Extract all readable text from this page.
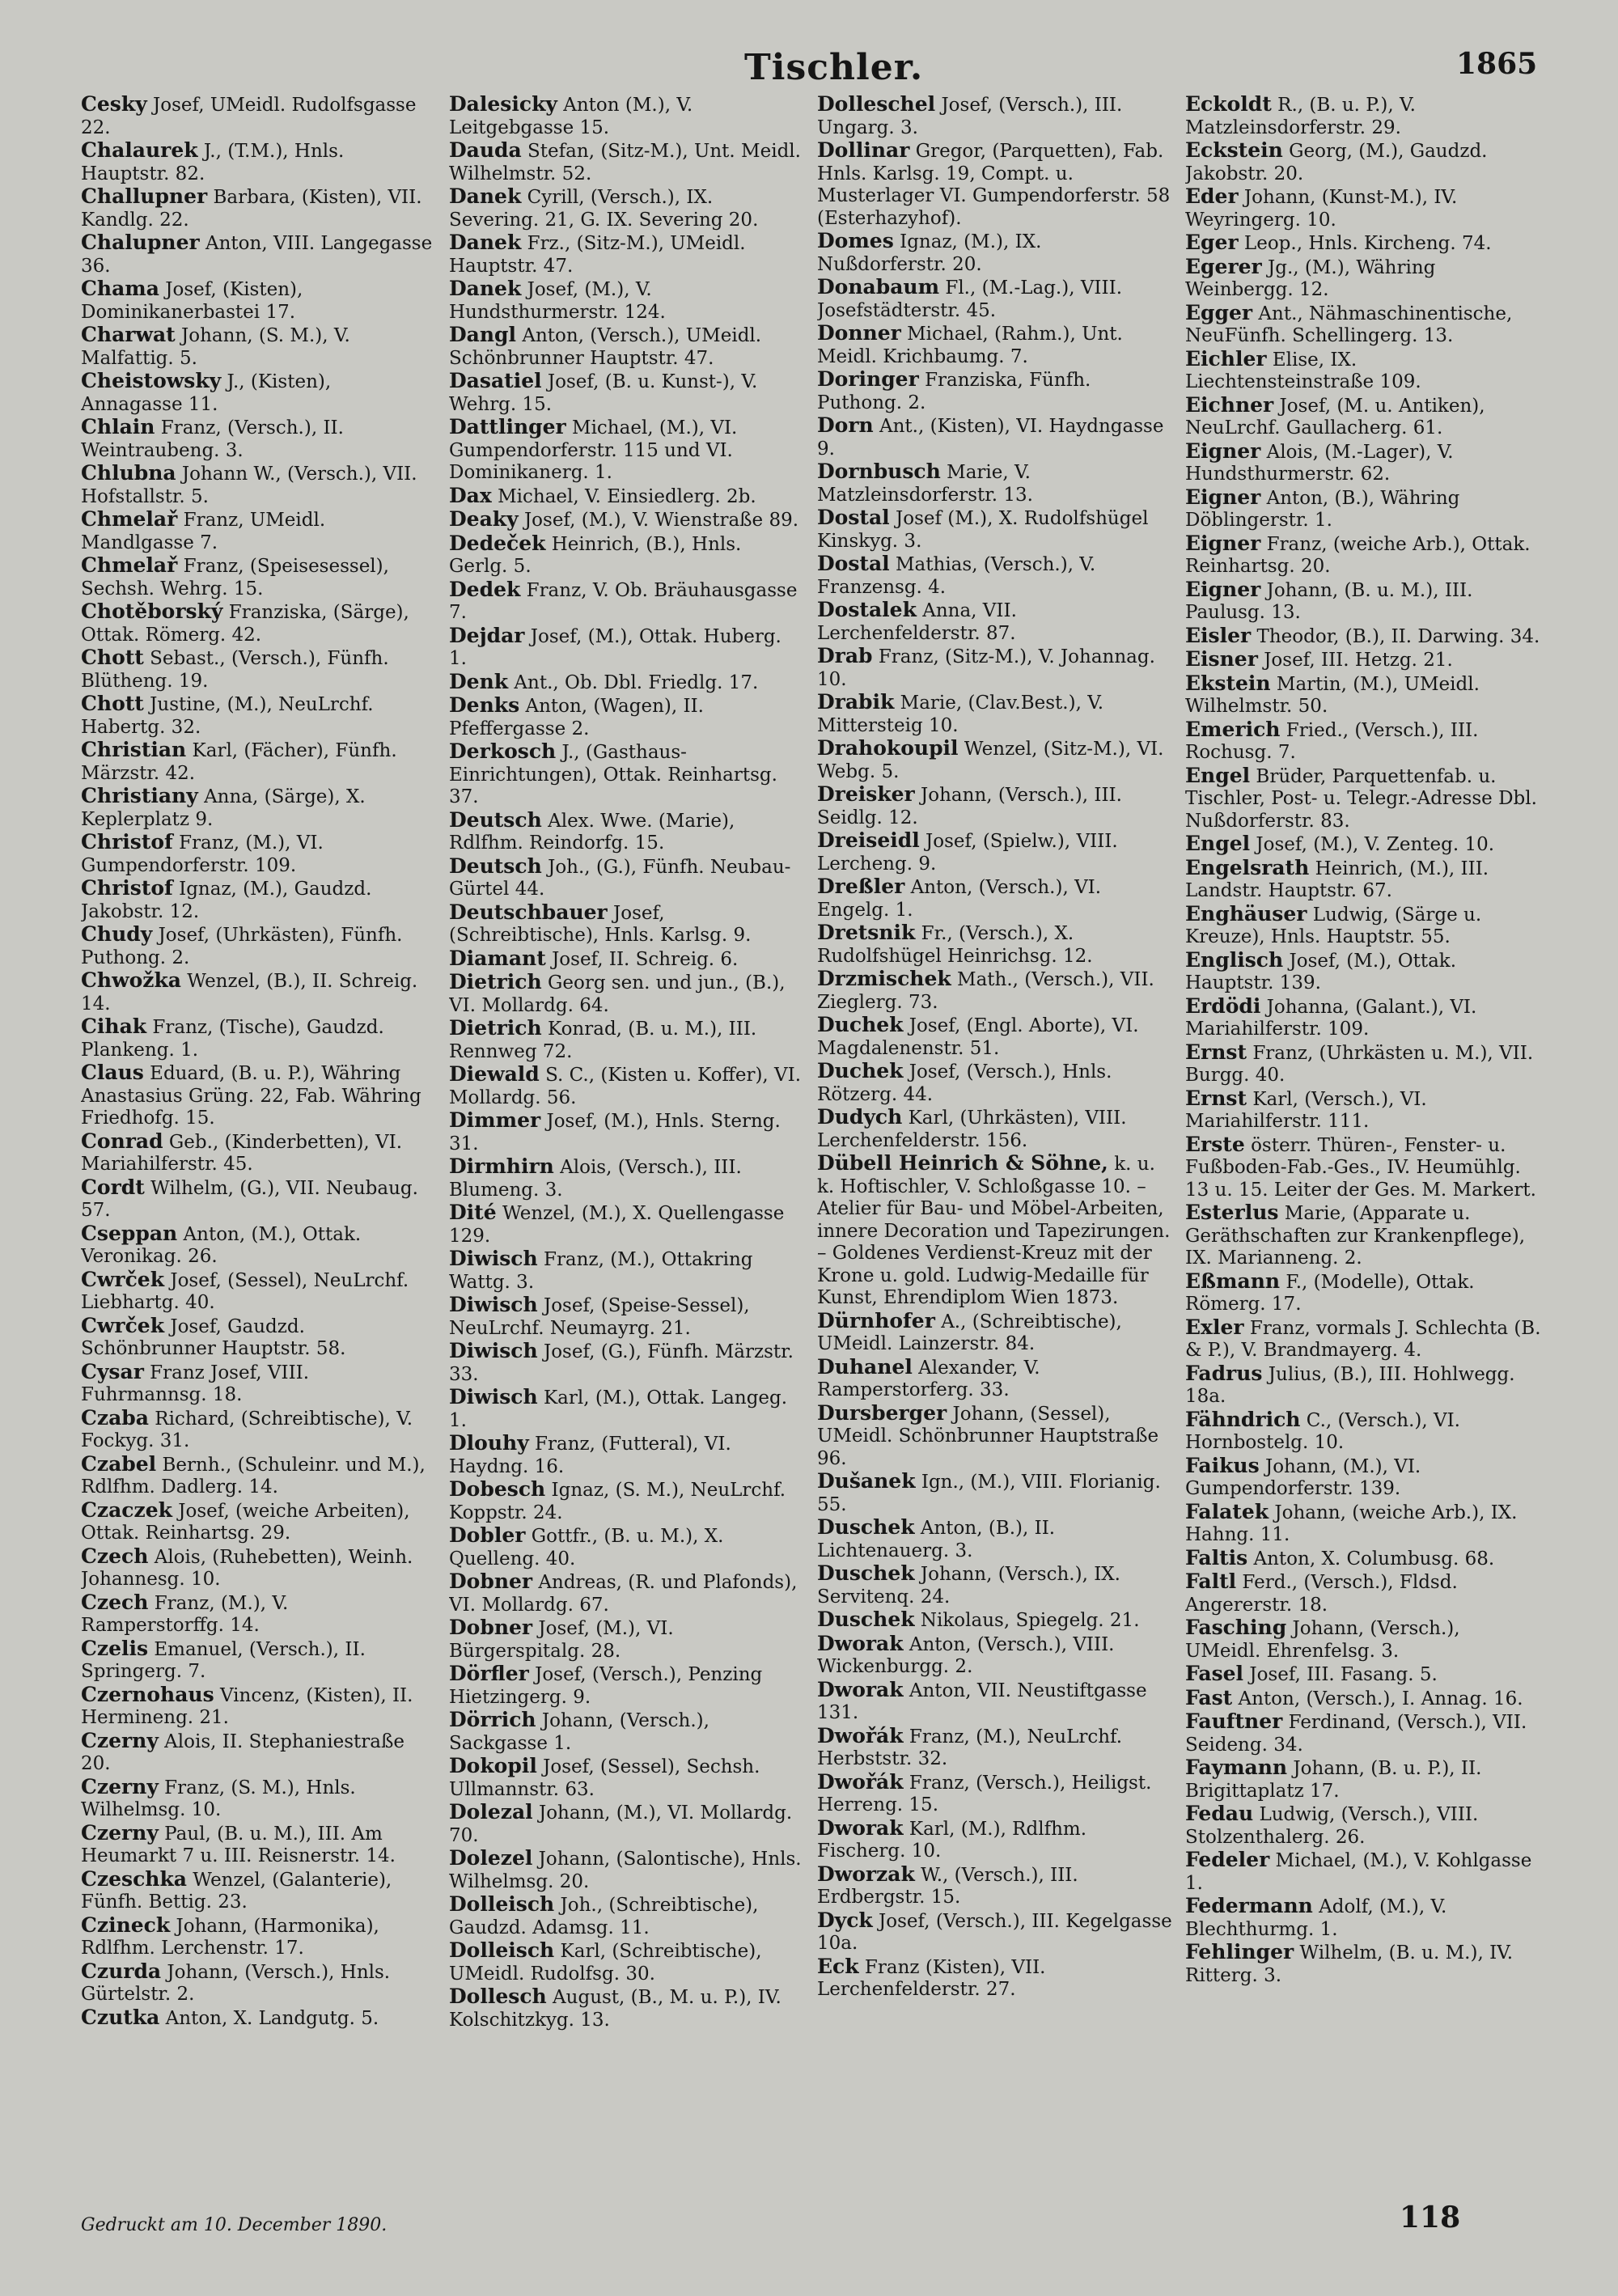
Tischler.	1865

Cesky Josef, UMeidl. Rudolfsgasse 22.

Chalaurek J., (T.M.), Hnls. Hauptstr. 82.

Challupner Barbara, (Kisten), VII. Kandlg. 22.

Chalupner Anton, VIII. Langegasse 36.

Chama Josef, (Kisten), Dominikanerbastei 17.

Charwat Johann, (S. M.), V. Malfattig. 5.

Cheistowsky J., (Kisten), Annagasse 11.

Chlain Franz, (Versch.), II. Weintraubeng. 3.

Chlubna Johann W., (Versch.), VII. Hofstallstr. 5.

Chmelař Franz, UMeidl. Mandlgasse 7.

Chmelař Franz, (Speisesessel), Sechsh. Wehrg. 15.

Chotěborský Franziska, (Särge), Ottak. Römerg. 42.

Chott Sebast., (Versch.), Fünfh. Blütheng. 19.

Chott Justine, (M.), NeuLrchf. Habertg. 32.

Christian Karl, (Fächer), Fünfh. Märzstr. 42.

Christiany Anna, (Särge), X. Keplerplatz 9.

Christof Franz, (M.), VI. Gumpendorferstr. 109.

Christof Ignaz, (M.), Gaudzd. Jakobstr. 12.

Chudy Josef, (Uhrkästen), Fünfh. Puthong. 2.

Chwožka Wenzel, (B.), II. Schreig. 14.

Cihak Franz, (Tische), Gaudzd. Plankeng. 1.

Claus Eduard, (B. u. P.), Währing Anastasius Grüng. 22, Fab. Währing Friedhofg. 15.

Conrad Geb., (Kinderbetten), VI. Mariahilferstr. 45.

Cordt Wilhelm, (G.), VII. Neubaug. 57.

Cseppan Anton, (M.), Ottak. Veronikag. 26.

Cwrček Josef, (Sessel), NeuLrchf. Liebhartg. 40.

Cwrček Josef, Gaudzd. Schönbrunner Hauptstr. 58.

Cysar Franz Josef, VIII. Fuhrmannsg. 18.

Czaba Richard, (Schreibtische), V. Fockyg. 31.

Czabel Bernh., (Schuleinr. und M.), Rdlfhm. Dadlerg. 14.

Czaczek Josef, (weiche Arbeiten), Ottak. Reinhartsg. 29.

Czech Alois, (Ruhebetten), Weinh. Johannesg. 10.

Czech Franz, (M.), V. Ramperstorffg. 14.

Czelis Emanuel, (Versch.), II. Springerg. 7.

Czernohaus Vincenz, (Kisten), II. Hermineng. 21.

Czerny Alois, II. Stephaniestraße 20.

Czerny Franz, (S. M.), Hnls. Wilhelmsg. 10.

Czerny Paul, (B. u. M.), III. Am Heumarkt 7 u. III. Reisnerstr. 14.

Czeschka Wenzel, (Galanterie), Fünfh. Bettig. 23.

Czineck Johann, (Harmonika), Rdlfhm. Lerchenstr. 17.

Czurda Johann, (Versch.), Hnls. Gürtelstr. 2.

Czutka Anton, X. Landgutg. 5.

Dalesicky Anton (M.), V. Leitgebgasse 15.

Dauda Stefan, (Sitz-M.), Unt. Meidl. Wilhelmstr. 52.

Danek Cyrill, (Versch.), IX. Severing. 21, G. IX. Severing 20.

Danek Frz., (Sitz-M.), UMeidl. Hauptstr. 47.

Danek Josef, (M.), V. Hundsthurmerstr. 124.

Dangl Anton, (Versch.), UMeidl. Schönbrunner Hauptstr. 47.

Dasatiel Josef, (B. u. Kunst-), V. Wehrg. 15.

Dattlinger Michael, (M.), VI. Gumpendorferstr. 115 und VI. Dominikanerg. 1.

Dax Michael, V. Einsiedlerg. 2b.

Deaky Josef, (M.), V. Wienstraße 89.

Dedeček Heinrich, (B.), Hnls. Gerlg. 5.

Dedek Franz, V. Ob. Bräuhausgasse 7.

Dejdar Josef, (M.), Ottak. Huberg. 1.

Denk Ant., Ob. Dbl. Friedlg. 17.

Denks Anton, (Wagen), II. Pfeffergasse 2.

Derkosch J., (Gasthaus-Einrichtungen), Ottak. Reinhartsg. 37.

Deutsch Alex. Wwe. (Marie), Rdlfhm. Reindorfg. 15.

Deutsch Joh., (G.), Fünfh. Neubau-Gürtel 44.

Deutschbauer Josef, (Schreibtische), Hnls. Karlsg. 9.

Diamant Josef, II. Schreig. 6.

Dietrich Georg sen. und jun., (B.), VI. Mollardg. 64.

Dietrich Konrad, (B. u. M.), III. Rennweg 72.

Diewald S. C., (Kisten u. Koffer), VI. Mollardg. 56.

Dimmer Josef, (M.), Hnls. Sterng. 31.

Dirmhirn Alois, (Versch.), III. Blumeng. 3.

Dité Wenzel, (M.), X. Quellengasse 129.

Diwisch Franz, (M.), Ottakring Wattg. 3.

Diwisch Josef, (Speise-Sessel), NeuLrchf. Neumayrg. 21.

Diwisch Josef, (G.), Fünfh. Märzstr. 33.

Diwisch Karl, (M.), Ottak. Langeg. 1.

Dlouhy Franz, (Futteral), VI. Haydng. 16.

Dobesch Ignaz, (S. M.), NeuLrchf. Koppstr. 24.

Dobler Gottfr., (B. u. M.), X. Quelleng. 40.

Dobner Andreas, (R. und Plafonds), VI. Mollardg. 67.

Dobner Josef, (M.), VI. Bürgerspitalg. 28.

Dörfler Josef, (Versch.), Penzing Hietzingerg. 9.

Dörrich Johann, (Versch.), Sackgasse 1.

Dokopil Josef, (Sessel), Sechsh. Ullmannstr. 63.

Dolezal Johann, (M.), VI. Mollardg. 70.

Dolezel Johann, (Salontische), Hnls. Wilhelmsg. 20.

Dolleisch Joh., (Schreibtische), Gaudzd. Adamsg. 11.

Dolleisch Karl, (Schreibtische), UMeidl. Rudolfsg. 30.

Dollesch August, (B., M. u. P.), IV. Kolschitzkyg. 13.

Dolleschel Josef, (Versch.), III. Ungarg. 3.

Dollinar Gregor, (Parquetten), Fab. Hnls. Karlsg. 19, Compt. u. Musterlager VI. Gumpendorferstr. 58 (Esterhazyhof).

Domes Ignaz, (M.), IX. Nußdorferstr. 20.

Donabaum Fl., (M.-Lag.), VIII. Josefstädterstr. 45.

Donner Michael, (Rahm.), Unt. Meidl. Krichbaumg. 7.

Doringer Franziska, Fünfh. Puthong. 2.

Dorn Ant., (Kisten), VI. Haydngasse 9.

Dornbusch Marie, V. Matzleinsdorferstr. 13.

Dostal Josef (M.), X. Rudolfshügel Kinskyg. 3.

Dostal Mathias, (Versch.), V. Franzensg. 4.

Dostalek Anna, VII. Lerchenfelderstr. 87.

Drab Franz, (Sitz-M.), V. Johannag. 10.

Drabik Marie, (Clav.Best.), V. Mittersteig 10.

Drahokoupil Wenzel, (Sitz-M.), VI. Webg. 5.

Dreisker Johann, (Versch.), III. Seidlg. 12.

Dreiseidl Josef, (Spielw.), VIII. Lercheng. 9.

Dreßler Anton, (Versch.), VI. Engelg. 1.

Dretsnik Fr., (Versch.), X. Rudolfshügel Heinrichsg. 12.

Drzmischek Math., (Versch.), VII. Zieglerg. 73.

Duchek Josef, (Engl. Aborte), VI. Magdalenenstr. 51.

Duchek Josef, (Versch.), Hnls. Rötzerg. 44.

Dudych Karl, (Uhrkästen), VIII. Lerchenfelderstr. 156.

Dübell Heinrich & Söhne, k. u. k. Hoftischler, V. Schloßgasse 10. – Atelier für Bau- und Möbel-Arbeiten, innere Decoration und Tapezirungen. – Goldenes Verdienst-Kreuz mit der Krone u. gold. Ludwig-Medaille für Kunst, Ehrendiplom Wien 1873.

Dürnhofer A., (Schreibtische), UMeidl. Lainzerstr. 84.

Duhanel Alexander, V. Ramperstorferg. 33.

Dursberger Johann, (Sessel), UMeidl. Schönbrunner Hauptstraße 96.

Dušanek Ign., (M.), VIII. Florianig. 55.

Duschek Anton, (B.), II. Lichtenauerg. 3.

Duschek Johann, (Versch.), IX. Servitenq. 24.

Duschek Nikolaus, Spiegelg. 21.

Dworak Anton, (Versch.), VIII. Wickenburgg. 2.

Dworak Anton, VII. Neustiftgasse 131.

Dwořák Franz, (M.), NeuLrchf. Herbststr. 32.

Dwořák Franz, (Versch.), Heiligst. Herreng. 15.

Dworak Karl, (M.), Rdlfhm. Fischerg. 10.

Dworzak W., (Versch.), III. Erdbergstr. 15.

Dyck Josef, (Versch.), III. Kegelgasse 10a.

Eck Franz (Kisten), VII. Lerchenfelderstr. 27.

Eckoldt R., (B. u. P.), V. Matzleinsdorferstr. 29.

Eckstein Georg, (M.), Gaudzd. Jakobstr. 20.

Eder Johann, (Kunst-M.), IV. Weyringerg. 10.

Eger Leop., Hnls. Kircheng. 74.

Egerer Jg., (M.), Währing Weinbergg. 12.

Egger Ant., Nähmaschinentische, NeuFünfh. Schellingerg. 13.

Eichler Elise, IX. Liechtensteinstraße 109.

Eichner Josef, (M. u. Antiken), NeuLrchf. Gaullacherg. 61.

Eigner Alois, (M.-Lager), V. Hundsthurmerstr. 62.

Eigner Anton, (B.), Währing Döblingerstr. 1.

Eigner Franz, (weiche Arb.), Ottak. Reinhartsg. 20.

Eigner Johann, (B. u. M.), III. Paulusg. 13.

Eisler Theodor, (B.), II. Darwing. 34.

Eisner Josef, III. Hetzg. 21.

Ekstein Martin, (M.), UMeidl. Wilhelmstr. 50.

Emerich Fried., (Versch.), III. Rochusg. 7.

Engel Brüder, Parquettenfab. u. Tischler, Post- u. Telegr.-Adresse Dbl. Nußdorferstr. 83.

Engel Josef, (M.), V. Zenteg. 10.

Engelsrath Heinrich, (M.), III. Landstr. Hauptstr. 67.

Enghäuser Ludwig, (Särge u. Kreuze), Hnls. Hauptstr. 55.

Englisch Josef, (M.), Ottak. Hauptstr. 139.

Erdödi Johanna, (Galant.), VI. Mariahilferstr. 109.

Ernst Franz, (Uhrkästen u. M.), VII. Burgg. 40.

Ernst Karl, (Versch.), VI. Mariahilferstr. 111.

Erste österr. Thüren-, Fenster- u. Fußboden-Fab.-Ges., IV. Heumühlg. 13 u. 15. Leiter der Ges. M. Markert.

Esterlus Marie, (Apparate u. Geräthschaften zur Krankenpflege), IX. Marianneng. 2.

Eßmann F., (Modelle), Ottak. Römerg. 17.

Exler Franz, vormals J. Schlechta (B. & P.), V. Brandmayerg. 4.

Fadrus Julius, (B.), III. Hohlwegg. 18a.

Fähndrich C., (Versch.), VI. Hornbostelg. 10.

Faikus Johann, (M.), VI. Gumpendorferstr. 139.

Falatek Johann, (weiche Arb.), IX. Hahng. 11.

Faltis Anton, X. Columbusg. 68.

Faltl Ferd., (Versch.), Fldsd. Angererstr. 18.

Fasching Johann, (Versch.), UMeidl. Ehrenfelsg. 3.

Fasel Josef, III. Fasang. 5.

Fast Anton, (Versch.), I. Annag. 16.

Fauftner Ferdinand, (Versch.), VII. Seideng. 34.

Faymann Johann, (B. u. P.), II. Brigittaplatz 17.

Fedau Ludwig, (Versch.), VIII. Stolzenthalerg. 26.

Fedeler Michael, (M.), V. Kohlgasse 1.

Federmann Adolf, (M.), V. Blechthurmg. 1.

Fehlinger Wilhelm, (B. u. M.), IV. Ritterg. 3.

Gedruckt am 10. December 1890.	118
